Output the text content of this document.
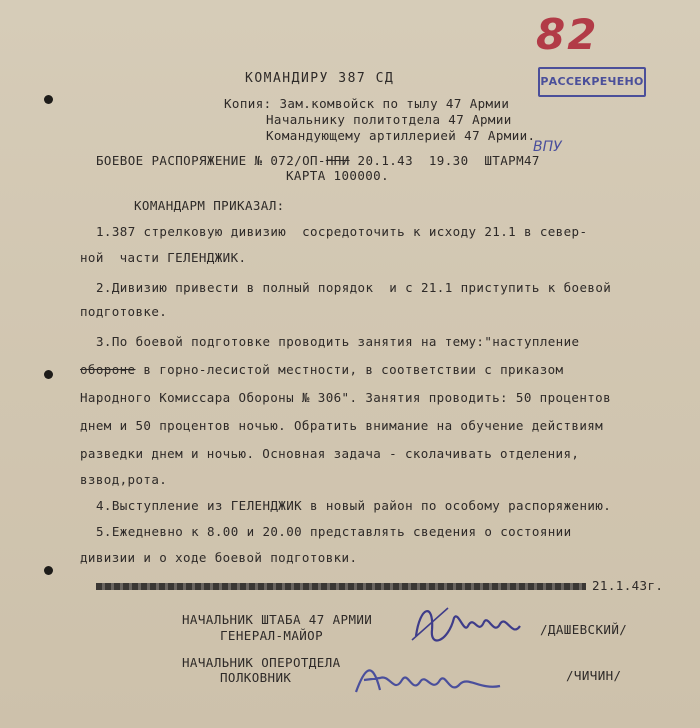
82
РАССЕКРЕЧЕНО
КОМАНДИРУ 387 СД
Копия: Зам.комвойск по тылу 47 Армии
Начальнику политотдела 47 Армии
Командующему артиллерией 47 Армии.
БОЕВОЕ РАСПОРЯЖЕНИЕ № 072/ОП-НПИ 20.1.43  19.30  ШТАРМ47
ВПУ
КАРТА 100000.
КОМАНДАРМ ПРИКАЗАЛ:
1.387 стрелковую дивизию  сосредоточить к исходу 21.1 в север-
ной  части ГЕЛЕНДЖИК.
2.Дивизию привести в полный порядок  и с 21.1 приступить к боевой
подготовке.
3.По боевой подготовке проводить занятия на тему:"наступление
обороне в горно-лесистой местности, в соответствии с приказом
Народного Комиссара Обороны № 306". Занятия проводить: 50 процентов
днем и 50 процентов ночью. Обратить внимание на обучение действиям
разведки днем и ночью. Основная задача - сколачивать отделения,
взвод,рота.
4.Выступление из ГЕЛЕНДЖИК в новый район по особому распоряжению.
5.Ежедневно к 8.00 и 20.00 представлять сведения о состоянии
дивизии и о ходе боевой подготовки.
21.1.43г.
НАЧАЛЬНИК ШТАБА 47 АРМИИ
ГЕНЕРАЛ-МАЙОР	/ДАШЕВСКИЙ/
НАЧАЛЬНИК ОПЕРОТДЕЛА
ПОЛКОВНИК	/ЧИЧИН/
